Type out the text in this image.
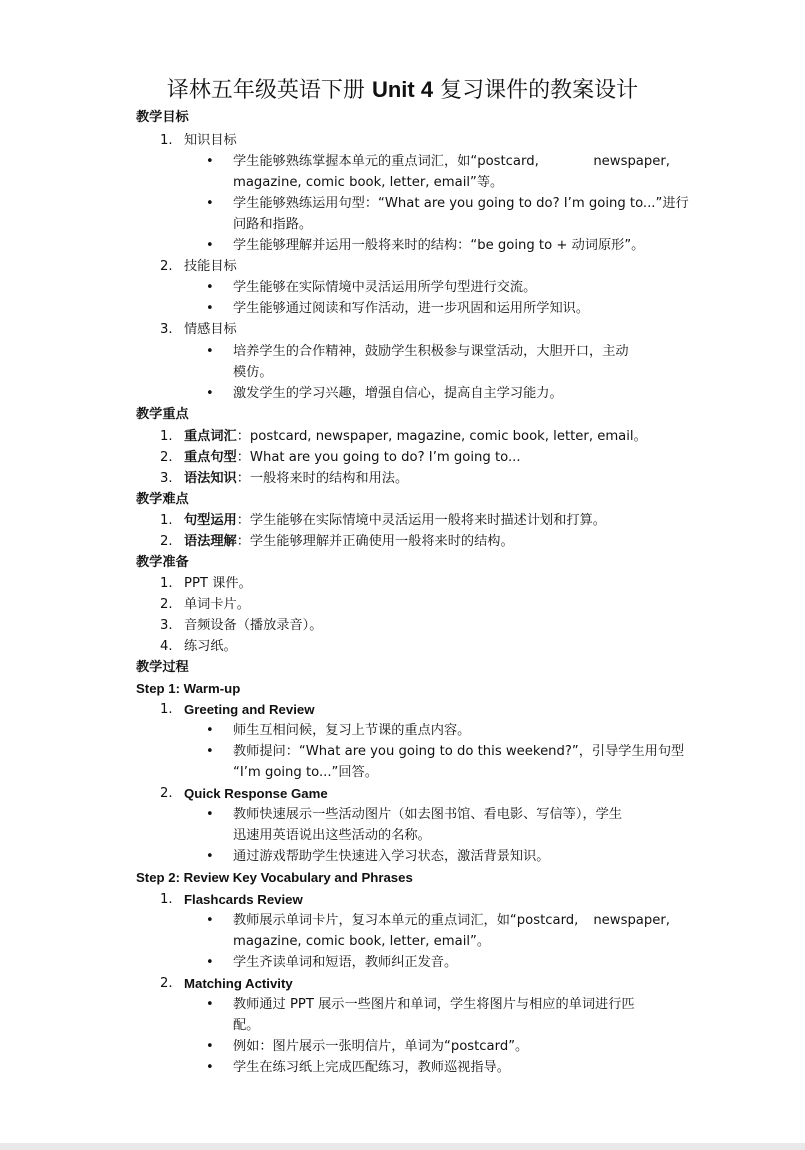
译林五年级英语下册 Unit 4 复习课件的教案设计
教学目标
1. 知识目标
• 学生能够熟练掌握本单元的重点词汇，如“postcard,	newspaper,
magazine, comic book, letter, email”等。
• 学生能够熟练运用句型：“What are you going to do? I’m going to...”进行
问路和指路。
• 学生能够理解并运用一般将来时的结构：“be going to + 动词原形”。
2. 技能目标
• 学生能够在实际情境中灵活运用所学句型进行交流。
• 学生能够通过阅读和写作活动，进一步巩固和运用所学知识。
3. 情感目标
• 培养学生的合作精神，鼓励学生积极参与课堂活动，大胆开口，主动
模仿。
• 激发学生的学习兴趣，增强自信心，提高自主学习能力。
教学重点
1. 重点词汇：postcard, newspaper, magazine, comic book, letter, email。
2. 重点句型：What are you going to do? I’m going to...
3. 语法知识：一般将来时的结构和用法。
教学难点
1. 句型运用：学生能够在实际情境中灵活运用一般将来时描述计划和打算。
2. 语法理解：学生能够理解并正确使用一般将来时的结构。
教学准备
1. PPT 课件。
2. 单词卡片。
3. 音频设备（播放录音）。
4. 练习纸。
教学过程
Step 1: Warm-up
1. Greeting and Review
• 师生互相问候，复习上节课的重点内容。
• 教师提问：“What are you going to do this weekend?”，引导学生用句型
“I’m going to...”回答。
2. Quick Response Game
• 教师快速展示一些活动图片（如去图书馆、看电影、写信等），学生
迅速用英语说出这些活动的名称。
• 通过游戏帮助学生快速进入学习状态，激活背景知识。
Step 2: Review Key Vocabulary and Phrases
1. Flashcards Review
• 教师展示单词卡片，复习本单元的重点词汇，如“postcard, newspaper,
magazine, comic book, letter, email”。
• 学生齐读单词和短语，教师纠正发音。
2. Matching Activity
• 教师通过 PPT 展示一些图片和单词，学生将图片与相应的单词进行匹
配。
• 例如：图片展示一张明信片，单词为“postcard”。
• 学生在练习纸上完成匹配练习，教师巡视指导。
